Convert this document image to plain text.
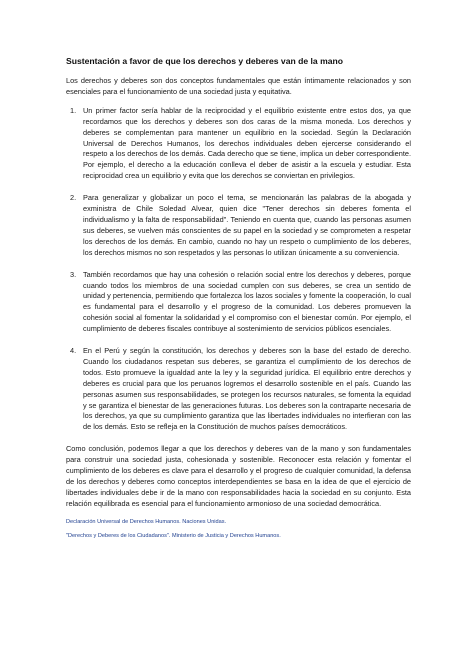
Sustentación a favor de que los derechos y deberes van de la mano

Los derechos y deberes son dos conceptos fundamentales que están íntimamente relacionados y son esenciales para el funcionamiento de una sociedad justa y equitativa.

1. Un primer factor sería hablar de la reciprocidad y el equilibrio existente entre estos dos, ya que recordamos que los derechos y deberes son dos caras de la misma moneda. Los derechos y deberes se complementan para mantener un equilibrio en la sociedad. Según la Declaración Universal de Derechos Humanos, los derechos individuales deben ejercerse considerando el respeto a los derechos de los demás. Cada derecho que se tiene, implica un deber correspondiente. Por ejemplo, el derecho a la educación conlleva el deber de asistir a la escuela y estudiar. Esta reciprocidad crea un equilibrio y evita que los derechos se conviertan en privilegios.

2. Para generalizar y globalizar un poco el tema, se mencionarán las palabras de la abogada y exministra de Chile Soledad Alvear, quien dice "Tener derechos sin deberes fomenta el individualismo y la falta de responsabilidad". Teniendo en cuenta que, cuando las personas asumen sus deberes, se vuelven más conscientes de su papel en la sociedad y se comprometen a respetar los derechos de los demás. En cambio, cuando no hay un respeto o cumplimiento de los deberes, los derechos mismos no son respetados y las personas lo utilizan únicamente a su conveniencia.

3. También recordamos que hay una cohesión o relación social entre los derechos y deberes, porque cuando todos los miembros de una sociedad cumplen con sus deberes, se crea un sentido de unidad y pertenencia, permitiendo que fortalezca los lazos sociales y fomente la cooperación, lo cual es fundamental para el desarrollo y el progreso de la comunidad. Los deberes promueven la cohesión social al fomentar la solidaridad y el compromiso con el bienestar común. Por ejemplo, el cumplimiento de deberes fiscales contribuye al sostenimiento de servicios públicos esenciales.

4. En el Perú y según la constitución, los derechos y deberes son la base del estado de derecho. Cuando los ciudadanos respetan sus deberes, se garantiza el cumplimiento de los derechos de todos. Esto promueve la igualdad ante la ley y la seguridad jurídica. El equilibrio entre derechos y deberes es crucial para que los peruanos logremos el desarrollo sostenible en el país. Cuando las personas asumen sus responsabilidades, se protegen los recursos naturales, se fomenta la equidad y se garantiza el bienestar de las generaciones futuras. Los deberes son la contraparte necesaria de los derechos, ya que su cumplimiento garantiza que las libertades individuales no interfieran con las de los demás. Esto se refleja en la Constitución de muchos países democráticos.

Como conclusión, podemos llegar a que los derechos y deberes van de la mano y son fundamentales para construir una sociedad justa, cohesionada y sostenible. Reconocer esta relación y fomentar el cumplimiento de los deberes es clave para el desarrollo y el progreso de cualquier comunidad, la defensa de los derechos y deberes como conceptos interdependientes se basa en la idea de que el ejercicio de libertades individuales debe ir de la mano con responsabilidades hacia la sociedad en su conjunto. Esta relación equilibrada es esencial para el funcionamiento armonioso de una sociedad democrática.

Declaración Universal de Derechos Humanos. Naciones Unidas.
"Derechos y Deberes de los Ciudadanos". Ministerio de Justicia y Derechos Humanos.
